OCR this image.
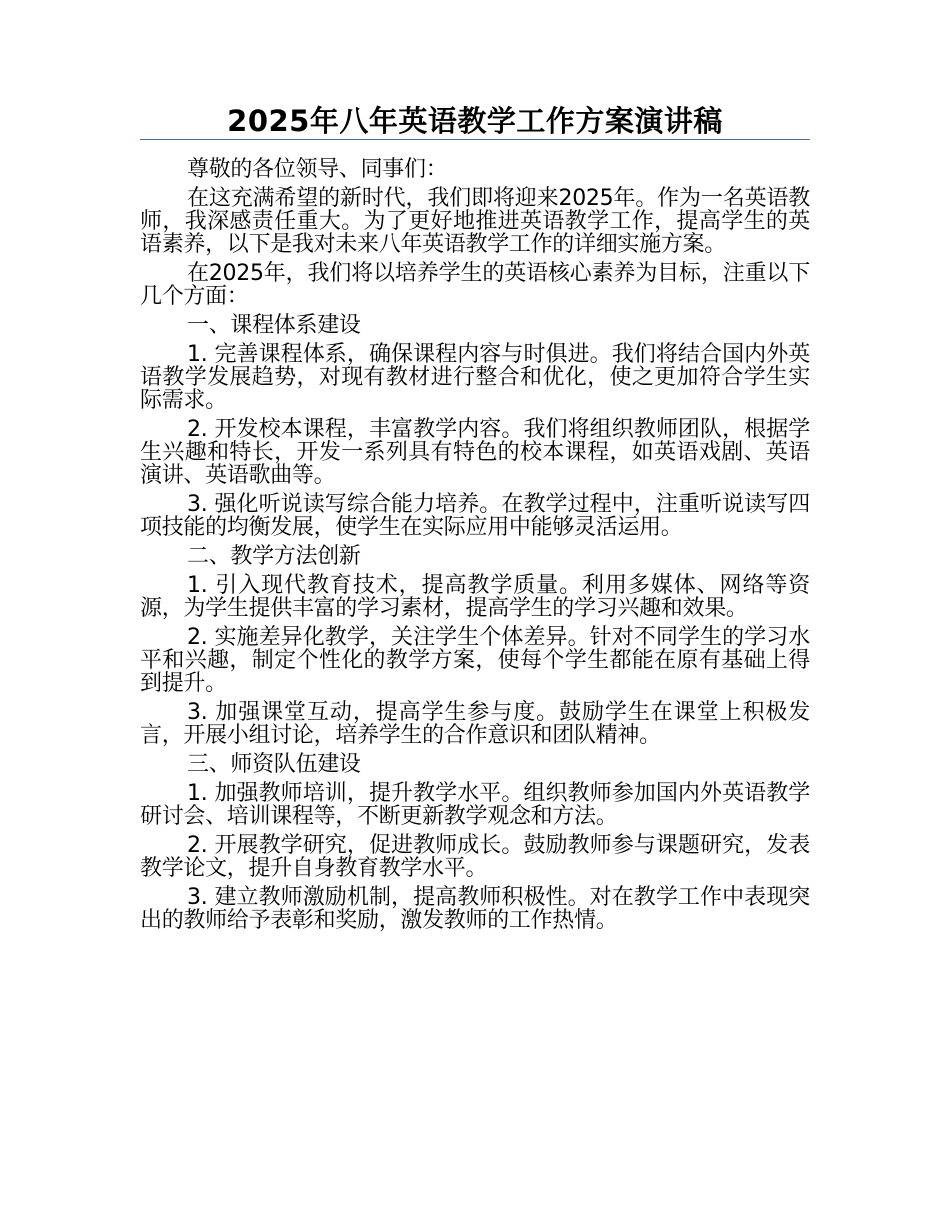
2025年八年英语教学工作方案演讲稿

尊敬的各位领导、同事们：

在这充满希望的新时代，我们即将迎来2025年。作为一名英语教师，我深感责任重大。为了更好地推进英语教学工作，提高学生的英语素养，以下是我对未来八年英语教学工作的详细实施方案。

在2025年，我们将以培养学生的英语核心素养为目标，注重以下几个方面：

一、课程体系建设

1. 完善课程体系，确保课程内容与时俱进。我们将结合国内外英语教学发展趋势，对现有教材进行整合和优化，使之更加符合学生实际需求。

2. 开发校本课程，丰富教学内容。我们将组织教师团队，根据学生兴趣和特长，开发一系列具有特色的校本课程，如英语戏剧、英语演讲、英语歌曲等。

3. 强化听说读写综合能力培养。在教学过程中，注重听说读写四项技能的均衡发展，使学生在实际应用中能够灵活运用。

二、教学方法创新

1. 引入现代教育技术，提高教学质量。利用多媒体、网络等资源，为学生提供丰富的学习素材，提高学生的学习兴趣和效果。

2. 实施差异化教学，关注学生个体差异。针对不同学生的学习水平和兴趣，制定个性化的教学方案，使每个学生都能在原有基础上得到提升。

3. 加强课堂互动，提高学生参与度。鼓励学生在课堂上积极发言，开展小组讨论，培养学生的合作意识和团队精神。

三、师资队伍建设

1. 加强教师培训，提升教学水平。组织教师参加国内外英语教学研讨会、培训课程等，不断更新教学观念和方法。

2. 开展教学研究，促进教师成长。鼓励教师参与课题研究，发表教学论文，提升自身教育教学水平。

3. 建立教师激励机制，提高教师积极性。对在教学工作中表现突出的教师给予表彰和奖励，激发教师的工作热情。
